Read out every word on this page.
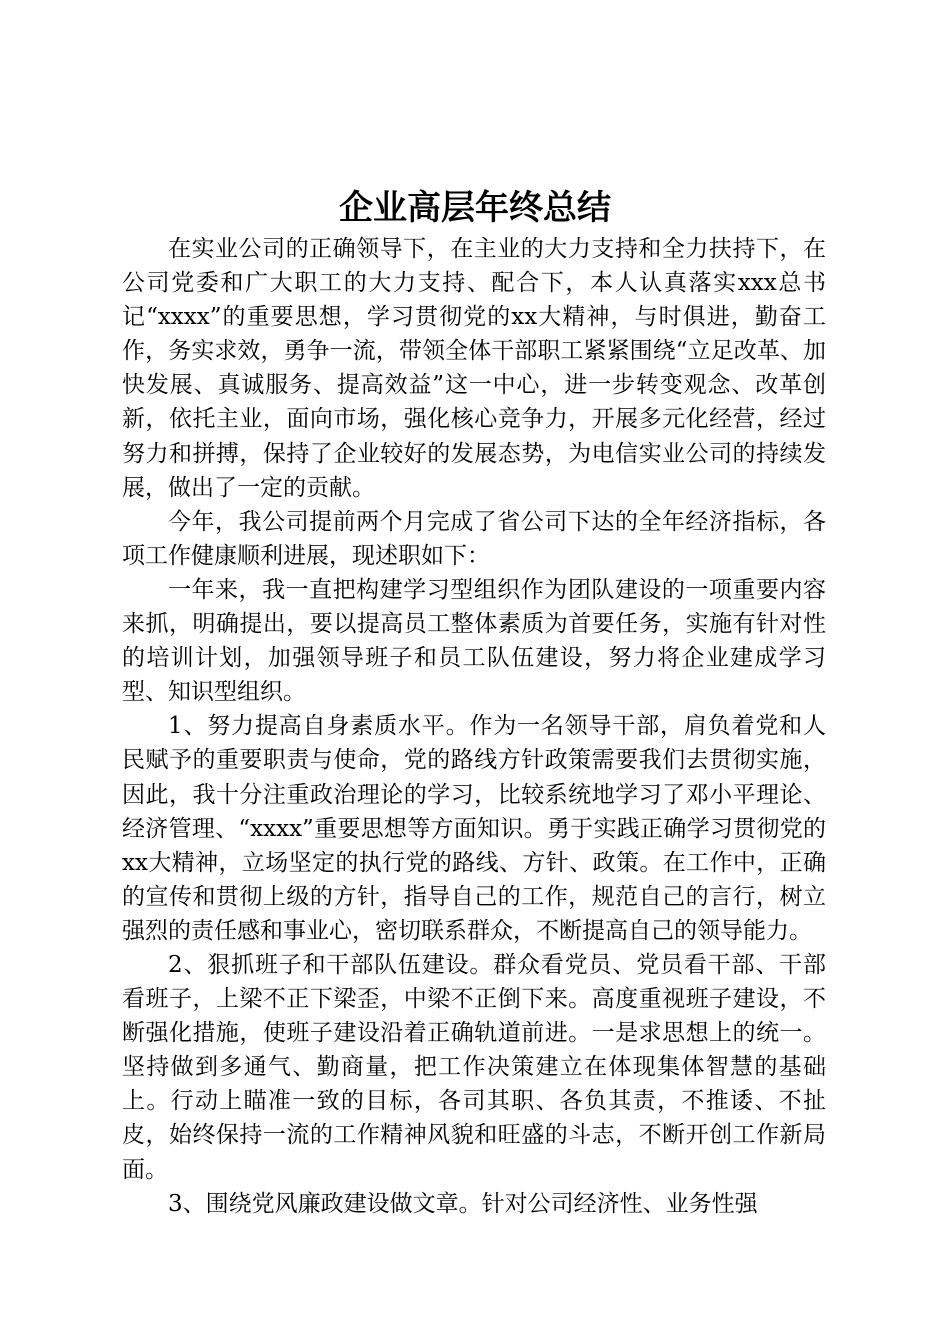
企业高层年终总结

在实业公司的正确领导下，在主业的大力支持和全力扶持下，在公司党委和广大职工的大力支持、配合下，本人认真落实xxx总书记“xxxx”的重要思想，学习贯彻党的xx大精神，与时俱进，勤奋工作，务实求效，勇争一流，带领全体干部职工紧紧围绕“立足改革、加快发展、真诚服务、提高效益”这一中心，进一步转变观念、改革创新，依托主业，面向市场，强化核心竞争力，开展多元化经营，经过努力和拼搏，保持了企业较好的发展态势，为电信实业公司的持续发展，做出了一定的贡献。

今年，我公司提前两个月完成了省公司下达的全年经济指标，各项工作健康顺利进展，现述职如下：

一年来，我一直把构建学习型组织作为团队建设的一项重要内容来抓，明确提出，要以提高员工整体素质为首要任务，实施有针对性的培训计划，加强领导班子和员工队伍建设，努力将企业建成学习型、知识型组织。

1、努力提高自身素质水平。作为一名领导干部，肩负着党和人民赋予的重要职责与使命，党的路线方针政策需要我们去贯彻实施，因此，我十分注重政治理论的学习，比较系统地学习了邓小平理论、经济管理、“xxxx”重要思想等方面知识。勇于实践正确学习贯彻党的xx大精神，立场坚定的执行党的路线、方针、政策。在工作中，正确的宣传和贯彻上级的方针，指导自己的工作，规范自己的言行，树立强烈的责任感和事业心，密切联系群众，不断提高自己的领导能力。

2、狠抓班子和干部队伍建设。群众看党员、党员看干部、干部看班子，上梁不正下梁歪，中梁不正倒下来。高度重视班子建设，不断强化措施，使班子建设沿着正确轨道前进。一是求思想上的统一。坚持做到多通气、勤商量，把工作决策建立在体现集体智慧的基础上。行动上瞄准一致的目标，各司其职、各负其责，不推诿、不扯皮，始终保持一流的工作精神风貌和旺盛的斗志，不断开创工作新局面。

3、围绕党风廉政建设做文章。针对公司经济性、业务性强
